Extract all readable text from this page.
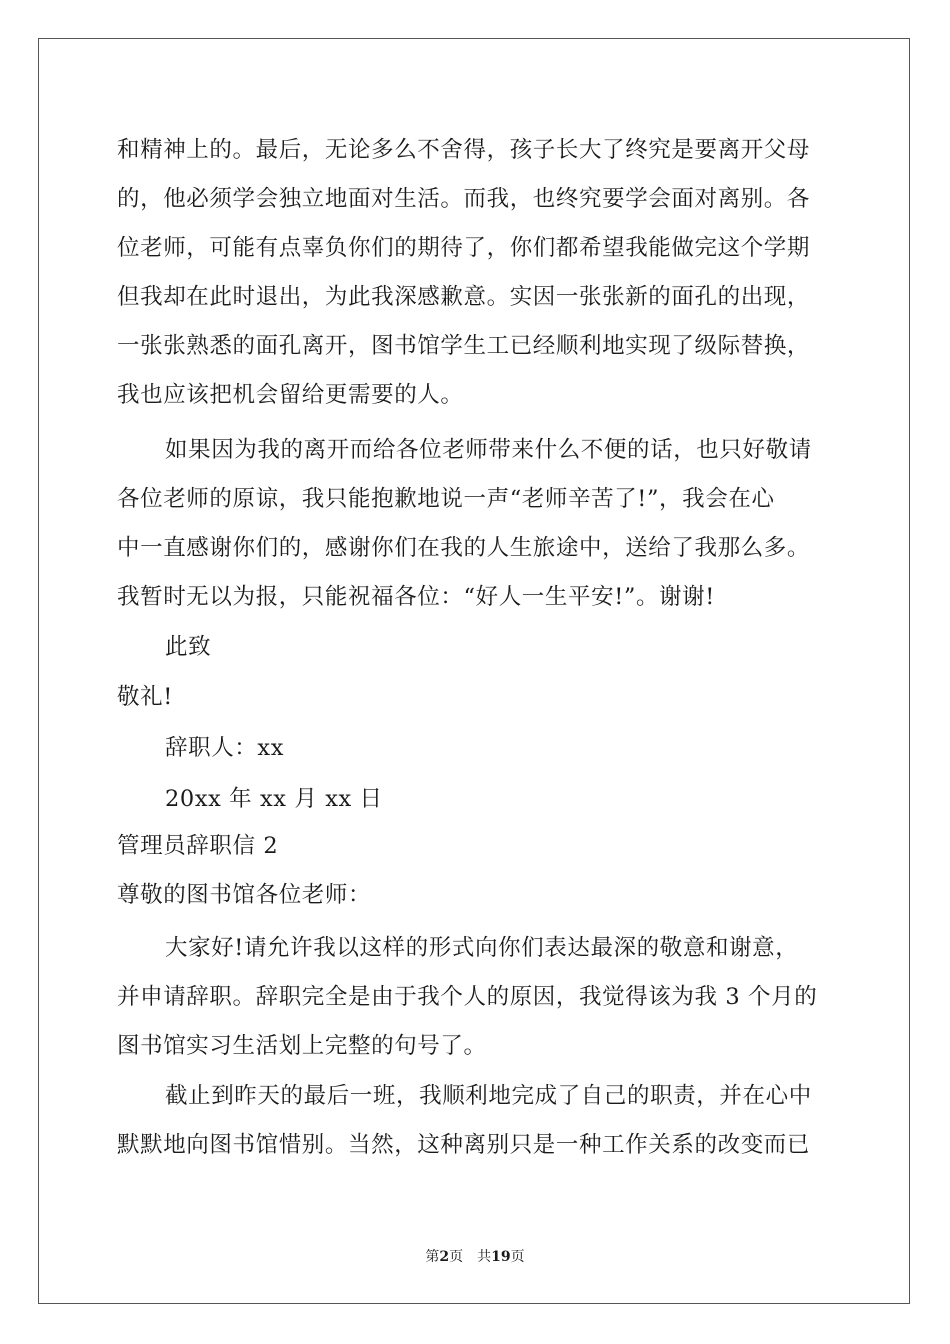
和精神上的。最后，无论多么不舍得，孩子长大了终究是要离开父母
的，他必须学会独立地面对生活。而我，也终究要学会面对离别。各
位老师，可能有点辜负你们的期待了，你们都希望我能做完这个学期
但我却在此时退出，为此我深感歉意。实因一张张新的面孔的出现，
一张张熟悉的面孔离开，图书馆学生工已经顺利地实现了级际替换，
我也应该把机会留给更需要的人。
如果因为我的离开而给各位老师带来什么不便的话，也只好敬请
各位老师的原谅，我只能抱歉地说一声“老师辛苦了!”，我会在心
中一直感谢你们的，感谢你们在我的人生旅途中，送给了我那么多。
我暂时无以为报，只能祝福各位：“好人一生平安!”。谢谢!
此致
敬礼!
辞职人：xx
20xx 年 xx 月 xx 日
管理员辞职信 2
尊敬的图书馆各位老师：
大家好!请允许我以这样的形式向你们表达最深的敬意和谢意，
并申请辞职。辞职完全是由于我个人的原因，我觉得该为我 3 个月的
图书馆实习生活划上完整的句号了。
截止到昨天的最后一班，我顺利地完成了自己的职责，并在心中
默默地向图书馆惜别。当然，这种离别只是一种工作关系的改变而已
第2页 共19页
